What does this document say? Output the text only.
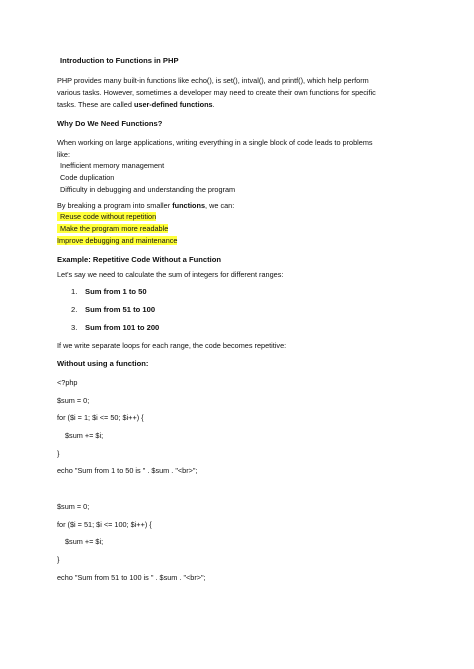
Introduction to Functions in PHP
PHP provides many built-in functions like echo(), is set(), intval(), and printf(), which help perform
various tasks. However, sometimes a developer may need to create their own functions for specific
tasks. These are called user-defined functions.
Why Do We Need Functions?
When working on large applications, writing everything in a single block of code leads to problems
like:
Inefficient memory management
Code duplication
Difficulty in debugging and understanding the program
By breaking a program into smaller functions, we can:
Reuse code without repetition
Make the program more readable
Improve debugging and maintenance
Example: Repetitive Code Without a Function
Let's say we need to calculate the sum of integers for different ranges:
1. Sum from 1 to 50
2. Sum from 51 to 100
3. Sum from 101 to 200
If we write separate loops for each range, the code becomes repetitive:
Without using a function:
<?php
$sum = 0;
for ($i = 1; $i <= 50; $i++) {
$sum += $i;
}
echo "Sum from 1 to 50 is " . $sum . "<br>";
$sum = 0;
for ($i = 51; $i <= 100; $i++) {
$sum += $i;
}
echo "Sum from 51 to 100 is " . $sum . "<br>";
